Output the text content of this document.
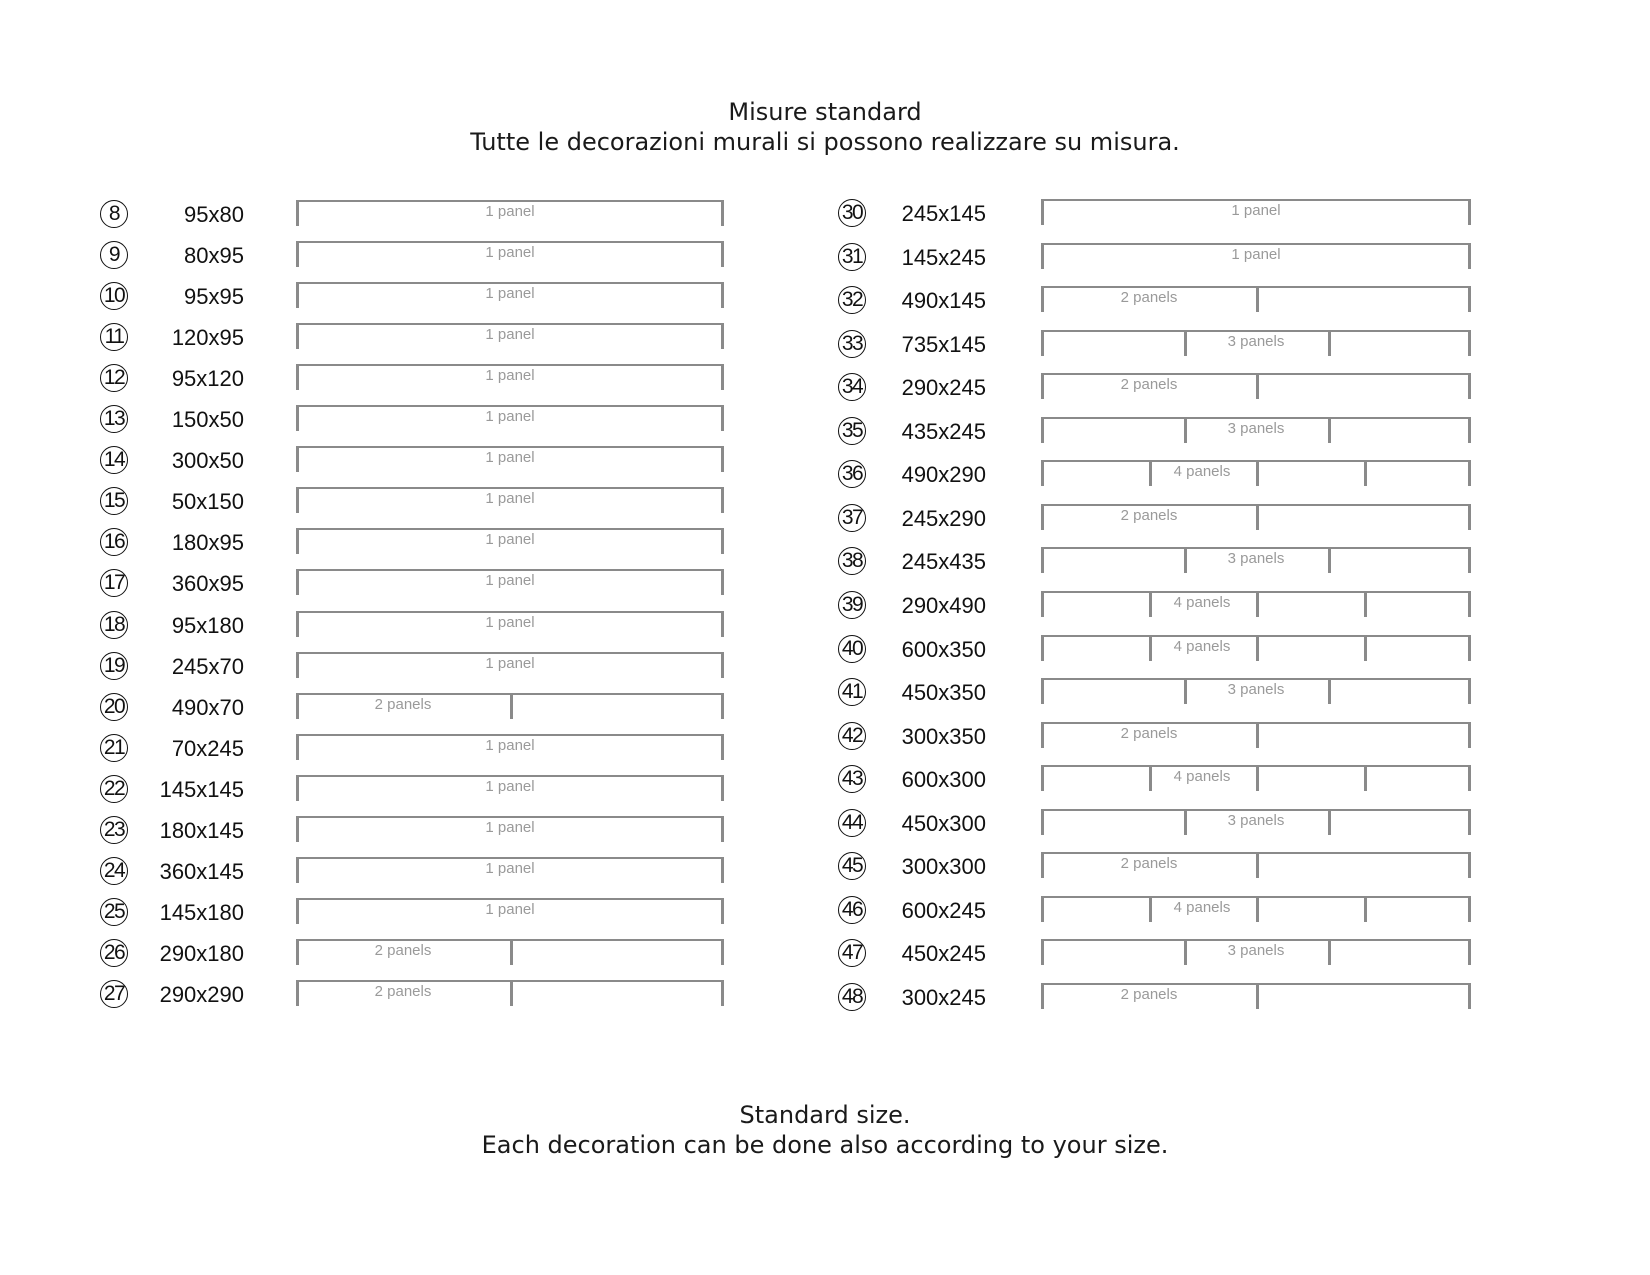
Misure standard
Tutte le decorazioni murali si possono realizzare su misura.
8	95x80	1 panel
9	80x95	1 panel
10	95x95	1 panel
11	120x95	1 panel
12	95x120	1 panel
13	150x50	1 panel
14	300x50	1 panel
15	50x150	1 panel
16	180x95	1 panel
17	360x95	1 panel
18	95x180	1 panel
19	245x70	1 panel
20	490x70	2 panels
21	70x245	1 panel
22	145x145	1 panel
23	180x145	1 panel
24	360x145	1 panel
25	145x180	1 panel
26	290x180	2 panels
27	290x290	2 panels
30	245x145	1 panel
31	145x245	1 panel
32	490x145	2 panels
33	735x145	3 panels
34	290x245	2 panels
35	435x245	3 panels
36	490x290	4 panels
37	245x290	2 panels
38	245x435	3 panels
39	290x490	4 panels
40	600x350	4 panels
41	450x350	3 panels
42	300x350	2 panels
43	600x300	4 panels
44	450x300	3 panels
45	300x300	2 panels
46	600x245	4 panels
47	450x245	3 panels
48	300x245	2 panels
Standard size.
Each decoration can be done also according to your size.
